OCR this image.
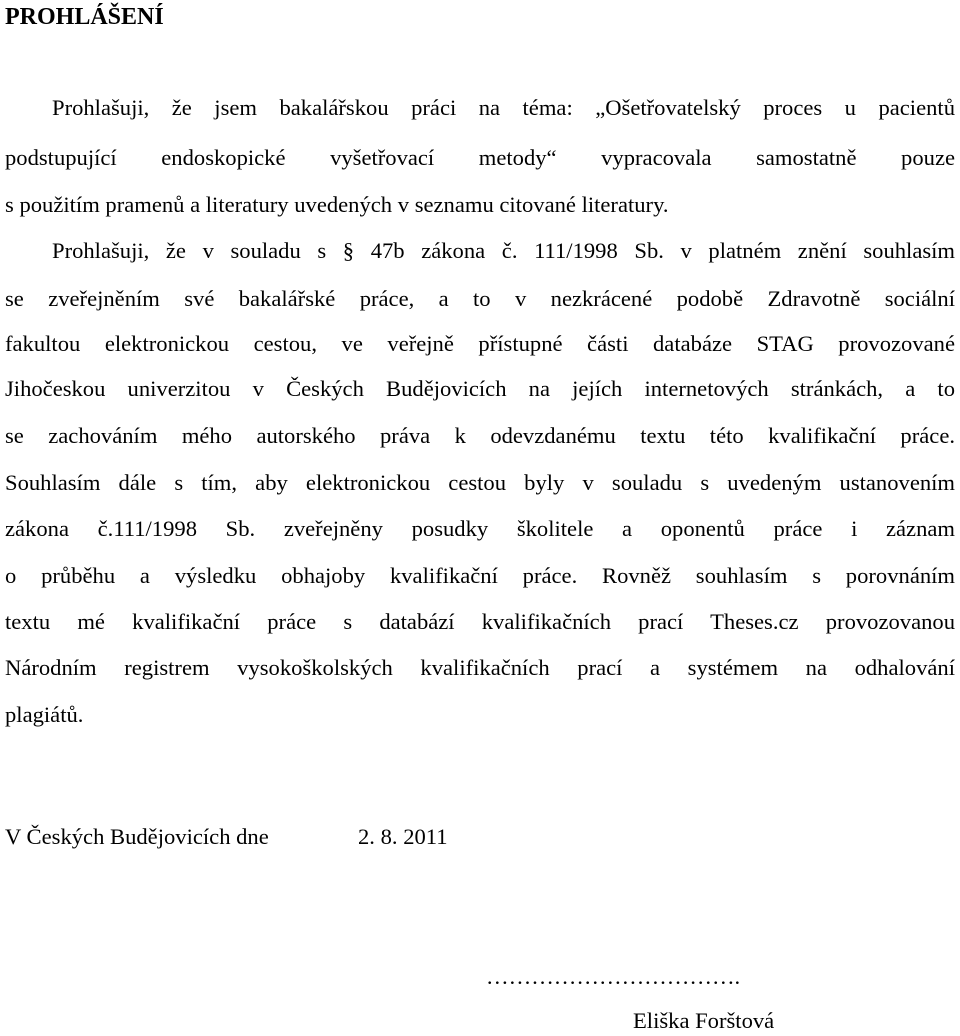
PROHLÁŠENÍ
Prohlašuji, že jsem bakalářskou práci na téma: „Ošetřovatelský proces u pacientů
podstupující endoskopické vyšetřovací metody“ vypracovala samostatně pouze
s použitím pramenů a literatury uvedených v seznamu citované literatury.
Prohlašuji, že v souladu s § 47b zákona č. 111/1998 Sb. v platném znění souhlasím
se zveřejněním své bakalářské práce, a to v nezkrácené podobě Zdravotně sociální
fakultou elektronickou cestou, ve veřejně přístupné části databáze STAG provozované
Jihočeskou univerzitou v Českých Budějovicích na jejích internetových stránkách, a to
se zachováním mého autorského práva k odevzdanému textu této kvalifikační práce.
Souhlasím dále s tím, aby elektronickou cestou byly v souladu s uvedeným ustanovením
zákona č.111/1998 Sb. zveřejněny posudky školitele a oponentů práce i záznam
o průběhu a výsledku obhajoby kvalifikační práce. Rovněž souhlasím s porovnáním
textu mé kvalifikační práce s databází kvalifikačních prací Theses.cz provozovanou
Národním registrem vysokoškolských kvalifikačních prací a systémem na odhalování
plagiátů.
V Českých Budějovicích dne	2. 8. 2011
…………………………….
Eliška Forštová
